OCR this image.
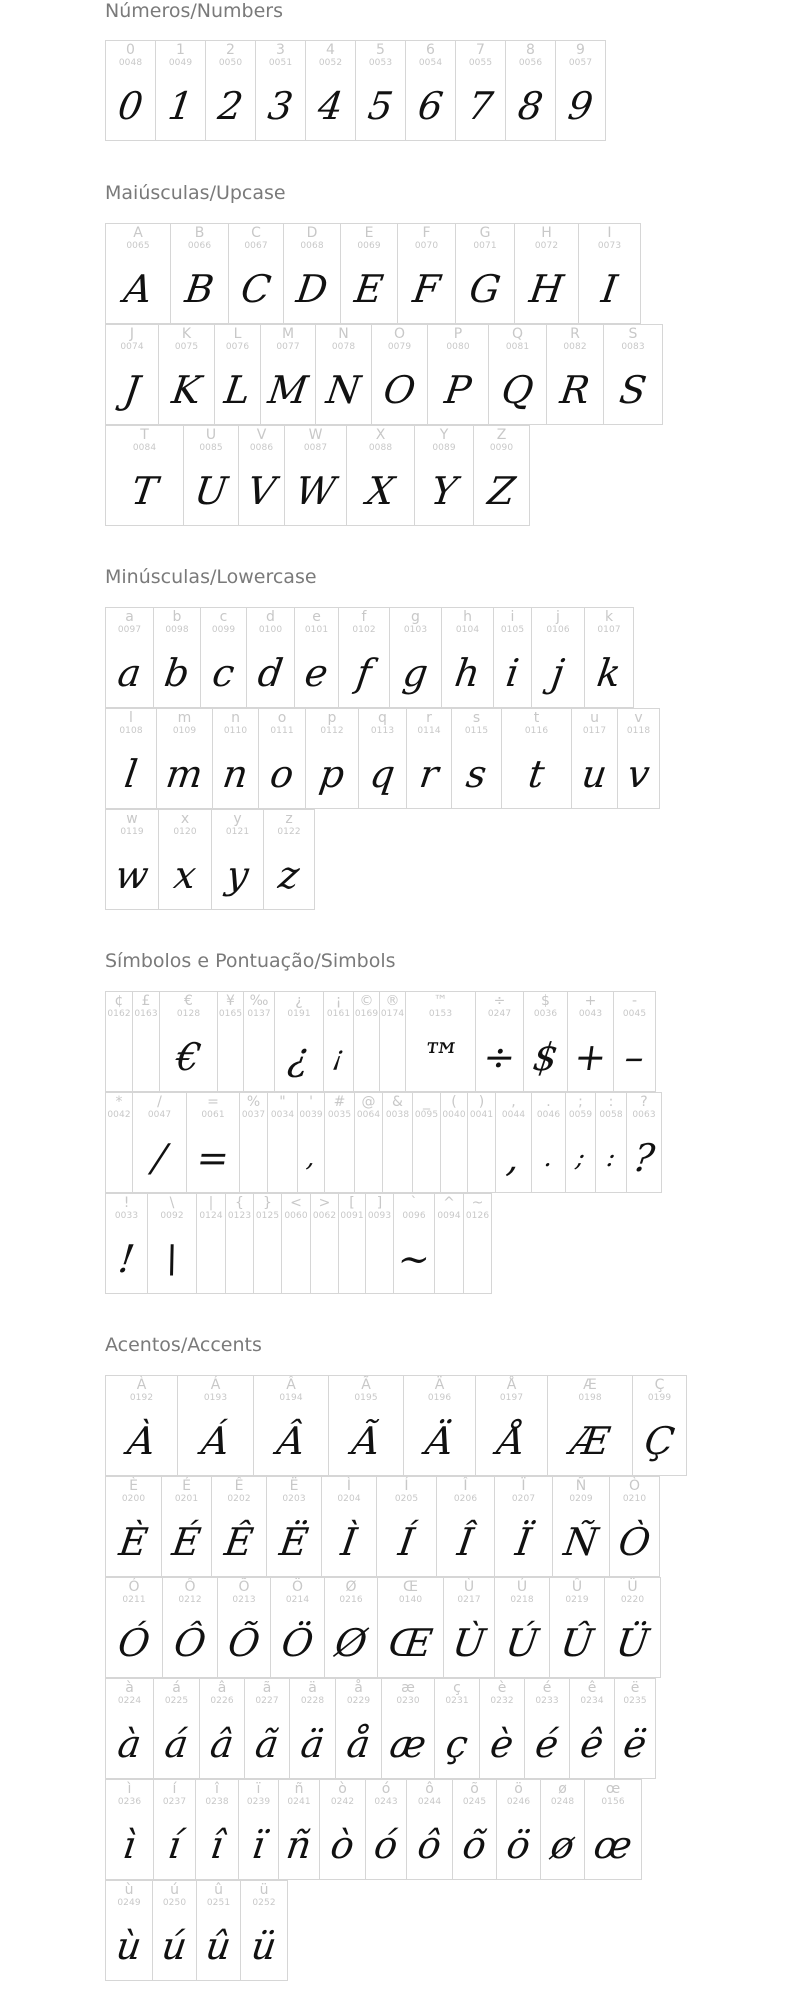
Números/Numbers
0
0048
0
1
0049
1
2
0050
2
3
0051
3
4
0052
4
5
0053
5
6
0054
6
7
0055
7
8
0056
8
9
0057
9
Maiúsculas/Upcase
A
0065
A
B
0066
B
C
0067
C
D
0068
D
E
0069
E
F
0070
F
G
0071
G
H
0072
H
I
0073
I
J
0074
J
K
0075
K
L
0076
L
M
0077
M
N
0078
N
O
0079
O
P
0080
P
Q
0081
Q
R
0082
R
S
0083
S
T
0084
T
U
0085
U
V
0086
V
W
0087
W
X
0088
X
Y
0089
Y
Z
0090
Z
Minúsculas/Lowercase
a
0097
a
b
0098
b
c
0099
c
d
0100
d
e
0101
e
f
0102
f
g
0103
g
h
0104
h
i
0105
i
j
0106
j
k
0107
k
l
0108
l
m
0109
m
n
0110
n
o
0111
o
p
0112
p
q
0113
q
r
0114
r
s
0115
s
t
0116
t
u
0117
u
v
0118
v
w
0119
w
x
0120
x
y
0121
y
z
0122
z
Símbolos e Pontuação/Simbols
¢
0162
£
0163
€
0128
€
¥
0165
‰
0137
¿
0191
¿
¡
0161
¡
©
0169
®
0174
™
0153
™
÷
0247
÷
$
0036
$
+
0043
+
-
0045
–
*
0042
/
0047
/
=
0061
=
%
0037
"
0034
'
0039
,
#
0035
@
0064
&
0038
_
0095
(
0040
)
0041
,
0044
,
.
0046
.
;
0059
;
:
0058
:
?
0063
?
!
0033
!
\
0092
\
|
0124
{
0123
}
0125
<
0060
>
0062
[
0091
]
0093
`
0096
~
^
0094
~
0126
Acentos/Accents
À
0192
À
Á
0193
Á
Â
0194
Â
Ã
0195
Ã
Ä
0196
Ä
Å
0197
Å
Æ
0198
Æ
Ç
0199
Ç
È
0200
È
É
0201
É
Ê
0202
Ê
Ë
0203
Ë
Ì
0204
Ì
Í
0205
Í
Î
0206
Î
Ï
0207
Ï
Ñ
0209
Ñ
Ò
0210
Ò
Ó
0211
Ó
Ô
0212
Ô
Õ
0213
Õ
Ö
0214
Ö
Ø
0216
Ø
Œ
0140
Œ
Ù
0217
Ù
Ú
0218
Ú
Û
0219
Û
Ü
0220
Ü
à
0224
à
á
0225
á
â
0226
â
ã
0227
ã
ä
0228
ä
å
0229
å
æ
0230
æ
ç
0231
ç
è
0232
è
é
0233
é
ê
0234
ê
ë
0235
ë
ì
0236
ì
í
0237
í
î
0238
î
ï
0239
ï
ñ
0241
ñ
ò
0242
ò
ó
0243
ó
ô
0244
ô
õ
0245
õ
ö
0246
ö
ø
0248
ø
œ
0156
œ
ù
0249
ù
ú
0250
ú
û
0251
û
ü
0252
ü
